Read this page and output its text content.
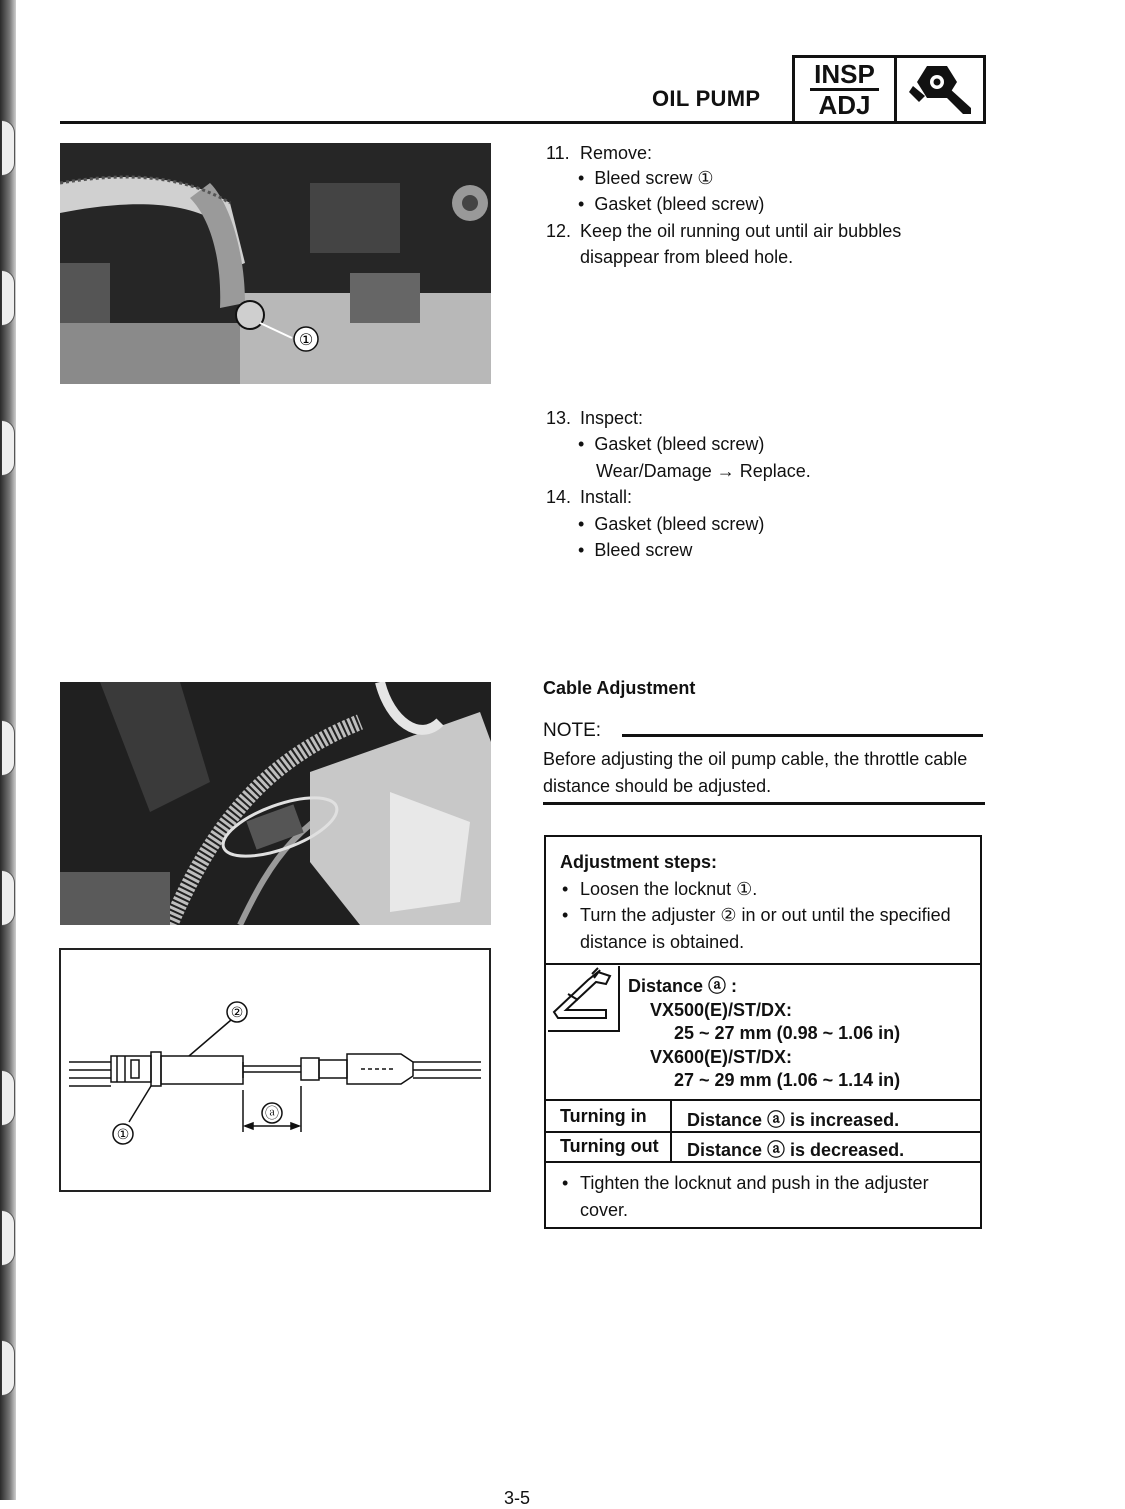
OIL PUMP
INSP
ADJ
①
11. Remove:
• Bleed screw ①
• Gasket (bleed screw)
12. Keep the oil running out until air bubbles
disappear from bleed hole.
13. Inspect:
• Gasket (bleed screw)
Wear/Damage → Replace.
14. Install:
• Gasket (bleed screw)
• Bleed screw
Cable Adjustment
NOTE:
Before adjusting the oil pump cable, the throttle cable distance should be adjusted.
Adjustment steps:
• Loosen the locknut ①.
• Turn the adjuster ② in or out until the specified distance is obtained.
Distance ⓐ :
VX500(E)/ST/DX:
25 ~ 27 mm (0.98 ~ 1.06 in)
VX600(E)/ST/DX:
27 ~ 29 mm (1.06 ~ 1.14 in)
Turning in Distance ⓐ is increased.
Turning out Distance ⓐ is decreased.
• Tighten the locknut and push in the adjuster cover.
②
①
ⓐ
3-5
